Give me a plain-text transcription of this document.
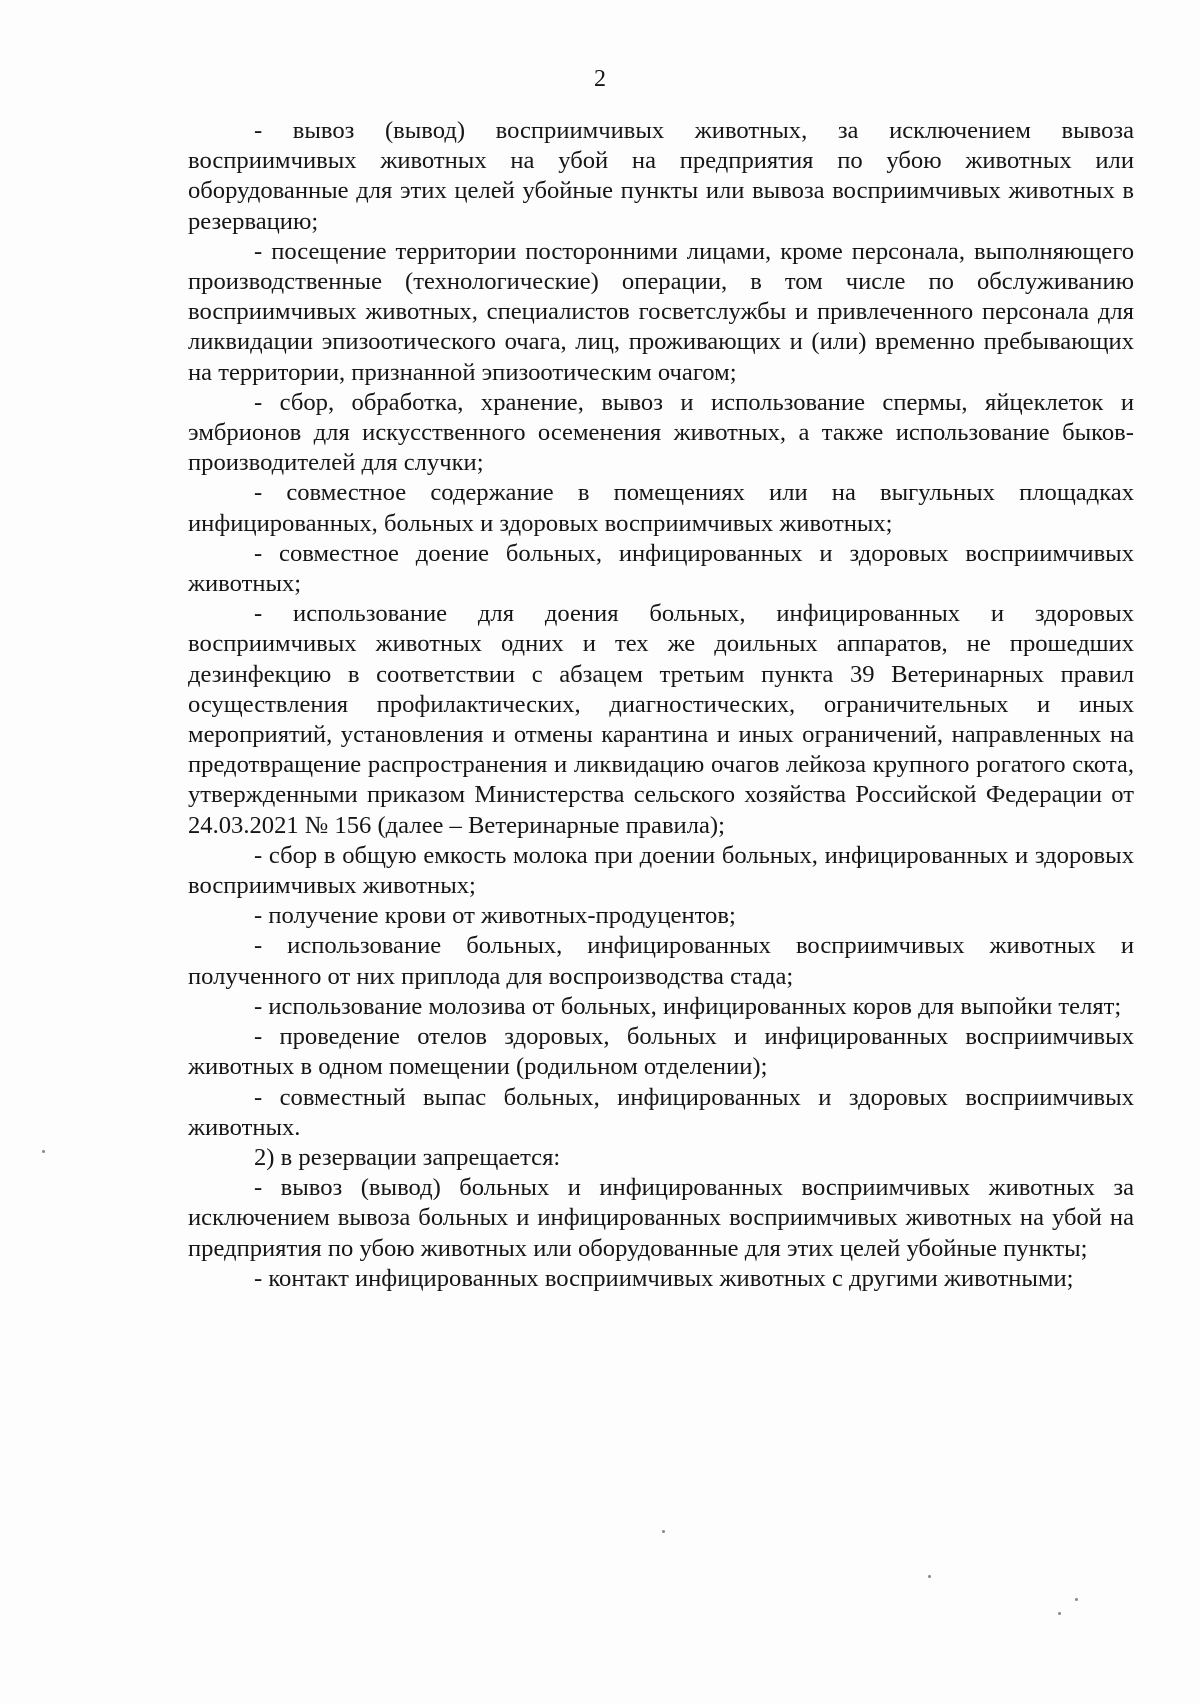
2

- вывоз (вывод) восприимчивых животных, за исключением вывоза восприимчивых животных на убой на предприятия по убою животных или оборудованные для этих целей убойные пункты или вывоза восприимчивых животных в резервацию;

- посещение территории посторонними лицами, кроме персонала, выполняющего производственные (технологические) операции, в том числе по обслуживанию восприимчивых животных, специалистов госветслужбы и привлеченного персонала для ликвидации эпизоотического очага, лиц, проживающих и (или) временно пребывающих на территории, признанной эпизоотическим очагом;

- сбор, обработка, хранение, вывоз и использование спермы, яйцеклеток и эмбрионов для искусственного осеменения животных, а также использование быков-производителей для случки;

- совместное содержание в помещениях или на выгульных площадках инфицированных, больных и здоровых восприимчивых животных;

- совместное доение больных, инфицированных и здоровых восприимчивых животных;

- использование для доения больных, инфицированных и здоровых восприимчивых животных одних и тех же доильных аппаратов, не прошедших дезинфекцию в соответствии с абзацем третьим пункта 39 Ветеринарных правил осуществления профилактических, диагностических, ограничительных и иных мероприятий, установления и отмены карантина и иных ограничений, направленных на предотвращение распространения и ликвидацию очагов лейкоза крупного рогатого скота, утвержденными приказом Министерства сельского хозяйства Российской Федерации от 24.03.2021 № 156 (далее – Ветеринарные правила);

- сбор в общую емкость молока при доении больных, инфицированных и здоровых восприимчивых животных;

- получение крови от животных-продуцентов;

- использование больных, инфицированных восприимчивых животных и полученного от них приплода для воспроизводства стада;

- использование молозива от больных, инфицированных коров для выпойки телят;

- проведение отелов здоровых, больных и инфицированных восприимчивых животных в одном помещении (родильном отделении);

- совместный выпас больных, инфицированных и здоровых восприимчивых животных.

2) в резервации запрещается:

- вывоз (вывод) больных и инфицированных восприимчивых животных за исключением вывоза больных и инфицированных восприимчивых животных на убой на предприятия по убою животных или оборудованные для этих целей убойные пункты;

- контакт инфицированных восприимчивых животных с другими животными;
